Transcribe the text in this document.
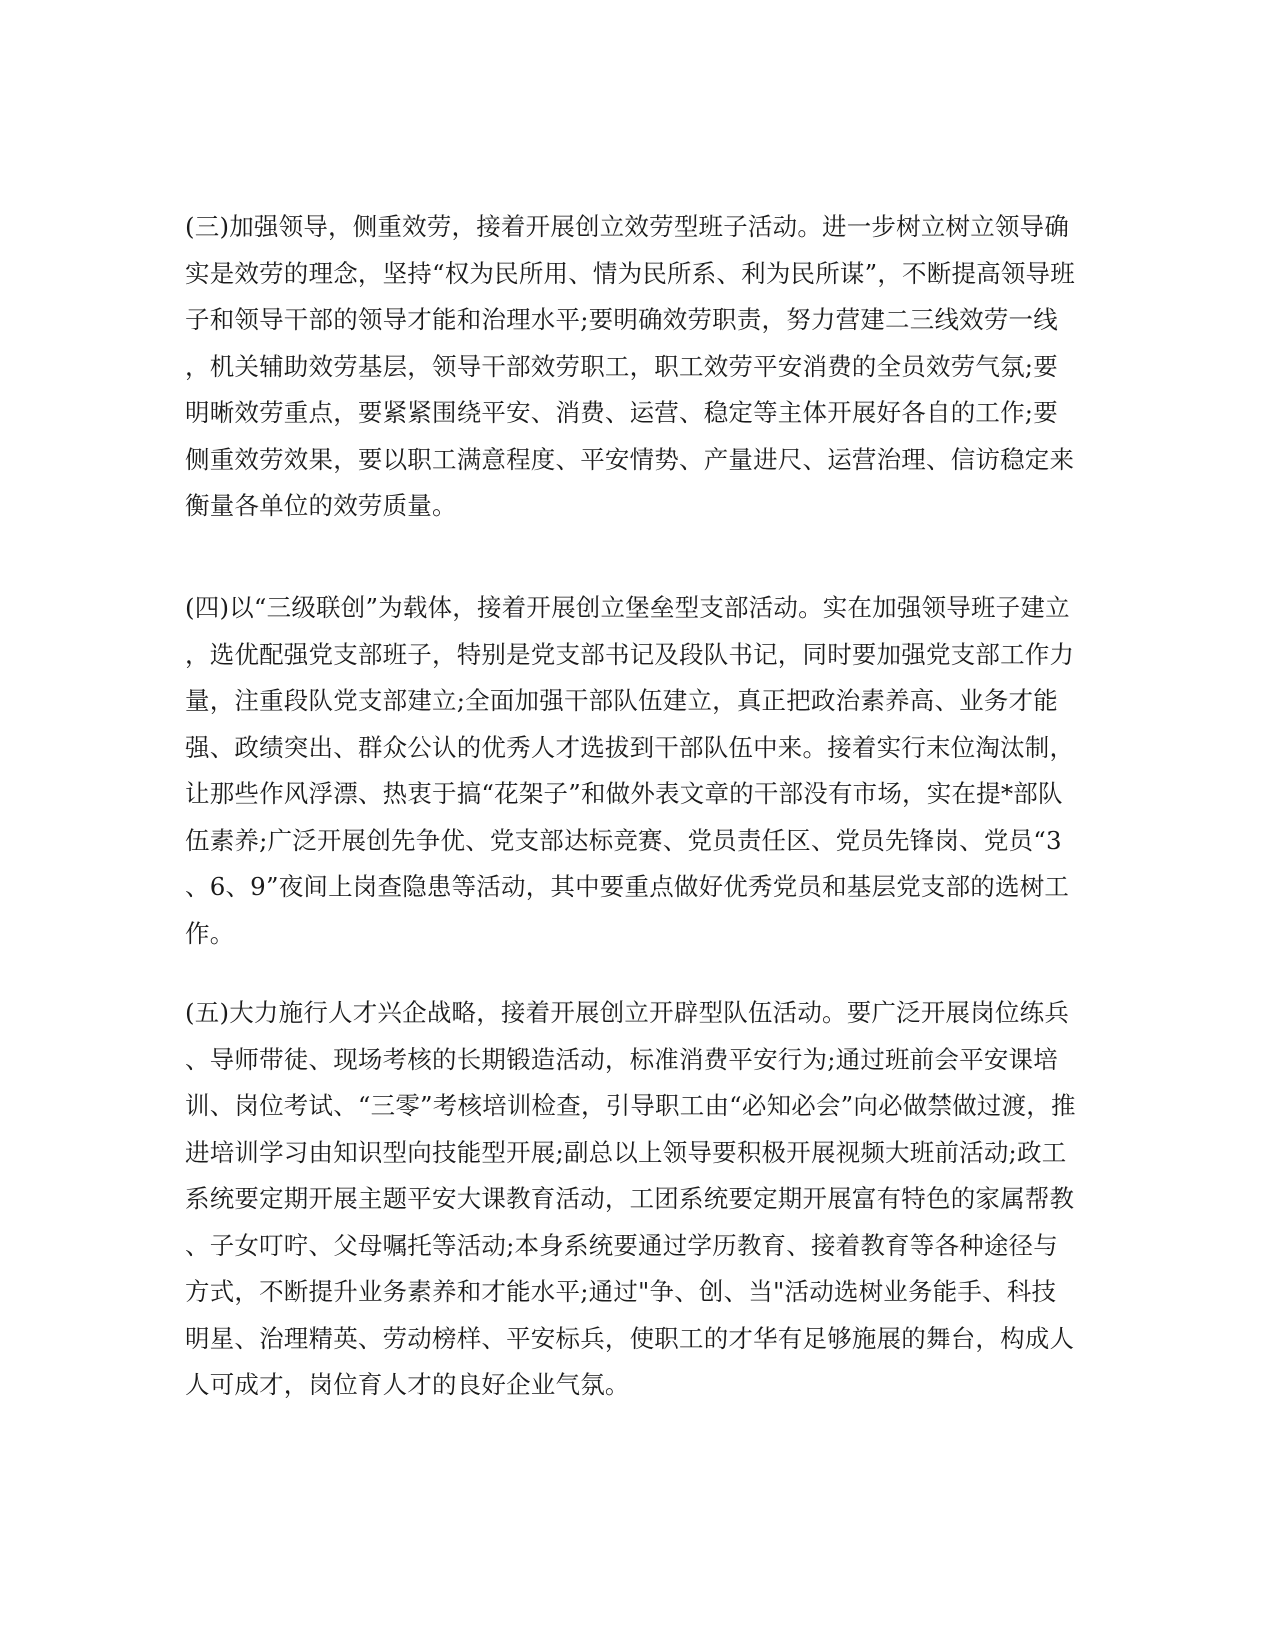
(三)加强领导，侧重效劳，接着开展创立效劳型班子活动。进一步树立树立领导确
实是效劳的理念，坚持“权为民所用、情为民所系、利为民所谋”，不断提高领导班
子和领导干部的领导才能和治理水平;要明确效劳职责，努力营建二三线效劳一线
，机关辅助效劳基层，领导干部效劳职工，职工效劳平安消费的全员效劳气氛;要
明晰效劳重点，要紧紧围绕平安、消费、运营、稳定等主体开展好各自的工作;要
侧重效劳效果，要以职工满意程度、平安情势、产量进尺、运营治理、信访稳定来
衡量各单位的效劳质量。
(四)以“三级联创”为载体，接着开展创立堡垒型支部活动。实在加强领导班子建立
，选优配强党支部班子，特别是党支部书记及段队书记，同时要加强党支部工作力
量，注重段队党支部建立;全面加强干部队伍建立，真正把政治素养高、业务才能
强、政绩突出、群众公认的优秀人才选拔到干部队伍中来。接着实行末位淘汰制，
让那些作风浮漂、热衷于搞“花架子”和做外表文章的干部没有市场，实在提*部队
伍素养;广泛开展创先争优、党支部达标竞赛、党员责任区、党员先锋岗、党员“3
、6、9”夜间上岗查隐患等活动，其中要重点做好优秀党员和基层党支部的选树工
作。
(五)大力施行人才兴企战略，接着开展创立开辟型队伍活动。要广泛开展岗位练兵
、导师带徒、现场考核的长期锻造活动，标准消费平安行为;通过班前会平安课培
训、岗位考试、“三零”考核培训检查，引导职工由“必知必会”向必做禁做过渡，推
进培训学习由知识型向技能型开展;副总以上领导要积极开展视频大班前活动;政工
系统要定期开展主题平安大课教育活动，工团系统要定期开展富有特色的家属帮教
、子女叮咛、父母嘱托等活动;本身系统要通过学历教育、接着教育等各种途径与
方式，不断提升业务素养和才能水平;通过"争、创、当"活动选树业务能手、科技
明星、治理精英、劳动榜样、平安标兵，使职工的才华有足够施展的舞台，构成人
人可成才，岗位育人才的良好企业气氛。
